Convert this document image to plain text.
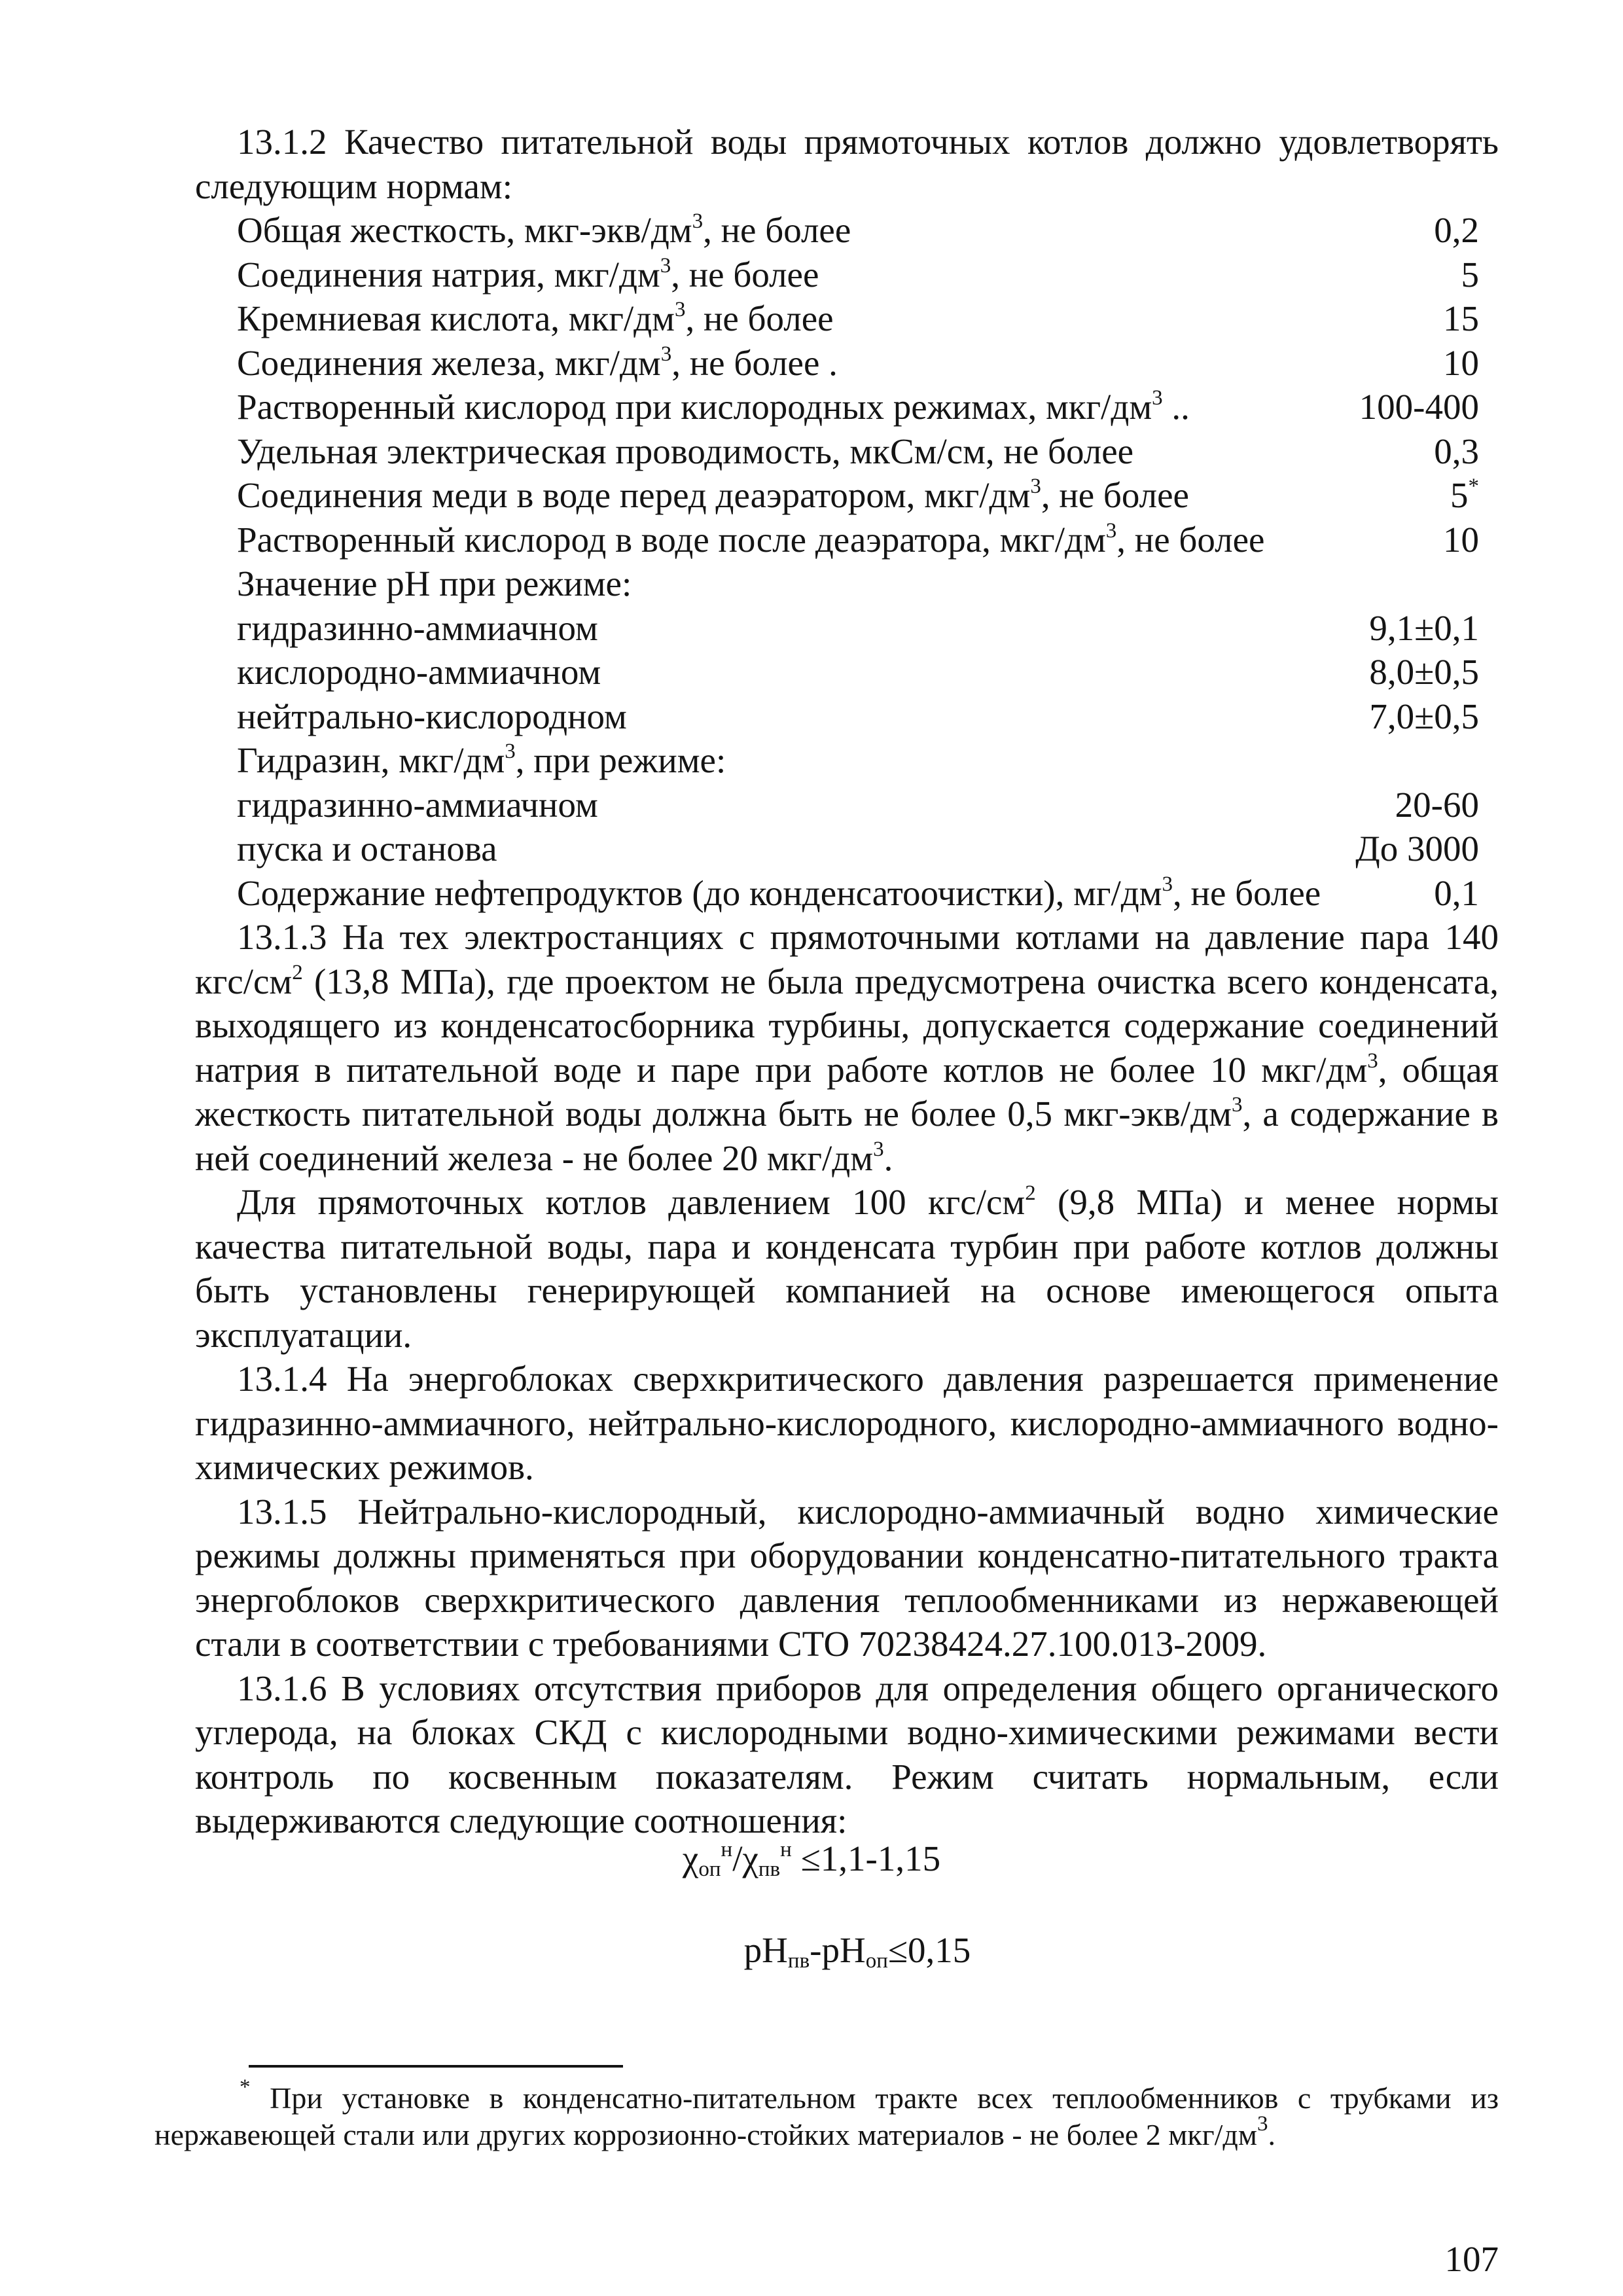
13.1.2 Качество питательной воды прямоточных котлов должно удовлетворять следующим нормам:

Общая жесткость, мкг-$экв/дм^3$, не более	0,2
Соединения натрия, мкг/$дм^3$, не более	5
Кремниевая кислота, мкг/$дм^3$, не более	15
Соединения железа, мкг/$дм^3$, не более .	10
Растворенный кислород при кислородных режимах, мкг/$дм^3$ ..	100-400
Удельная электрическая проводимость, мкСм/см, не более	0,3
Соединения меди в воде перед деаэратором, мкг/$дм^3$, не более	5*
Растворенный кислород в воде после деаэратора, мкг/$дм^3$, не более	10
Значение pH при режиме:
гидразинно-аммиачном	9,1±0,1
кислородно-аммиачном	8,0±0,5
нейтрально-кислородном	7,0±0,5
Гидразин, мкг/$дм^3$, при режиме:
гидразинно-аммиачном	20-60
пуска и останова	До 3000
Содержание нефтепродуктов (до конденсатоочистки), $мг/дм^3$, не более	0,1

13.1.3 На тех электростанциях с прямоточными котлами на давление пара 140 кгс/$см^2$ (13,8 МПа), где проектом не была предусмотрена очистка всего конденсата, выходящего из конденсатосборника турбины, допускается содержание соединений натрия в питательной воде и паре при работе котлов не более 10 мкг/$дм^3$, общая жесткость питательной воды должна быть не более 0,5 мкг-$экв/дм^3$, а содержание в ней соединений железа - не более 20 мкг/$дм^3$.

Для прямоточных котлов давлением 100 кгс/$см^2$ (9,8 МПа) и менее нормы качества питательной воды, пара и конденсата турбин при работе котлов должны быть установлены генерирующей компанией на основе имеющегося опыта эксплуатации.

13.1.4 На энергоблоках сверхкритического давления разрешается применение гидразинно-аммиачного, нейтрально-кислородного, кислородно-аммиачного водно-химических режимов.

13.1.5 Нейтрально-кислородный, кислородно-аммиачный водно химические режимы должны применяться при оборудовании конденсатно-питательного тракта энергоблоков сверхкритического давления теплообменниками из нержавеющей стали в соответствии с требованиями СТО 70238424.27.100.013-2009.

13.1.6 В условиях отсутствия приборов для определения общего органического углерода, на блоках СКД с кислородными водно-химическими режимами вести контроль по косвенным показателям. Режим считать нормальным, если выдерживаются следующие соотношения:

$\chi_{оп}^н/\chi_{пв}^н \le 1,1-1,15$
$pH_{пв}-pH_{оп}\le 0,15$

* При установке в конденсатно-питательном тракте всех теплообменников с трубками из нержавеющей стали или других коррозионно-стойких материалов - не более 2 мкг/$дм^3$.

107
